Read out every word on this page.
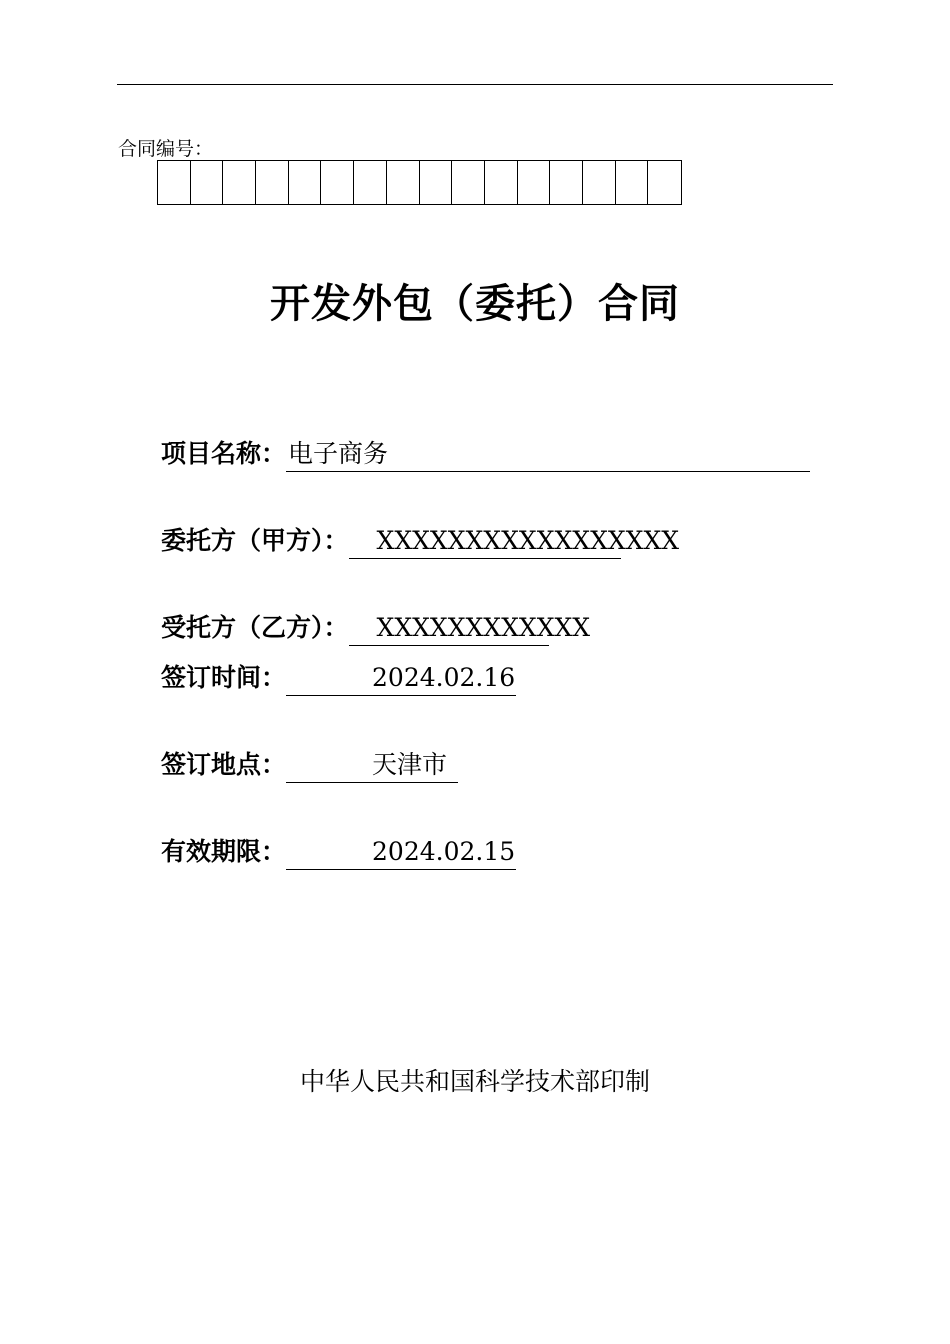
合同编号：
开发外包（委托）合同
项目名称： 电子商务
委托方（甲方）：	XXXXXXXXXXXXXXXXX
受托方（乙方）：	XXXXXXXXXXXX
签订时间：	2024.02.16
签订地点：	天津市
有效期限：	2024.02.15
中华人民共和国科学技术部印制
